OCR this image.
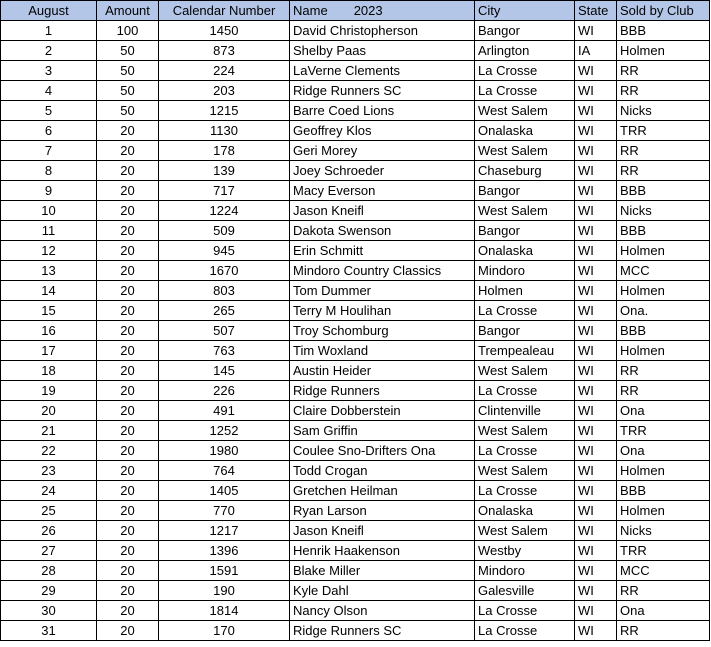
August	Amount	Calendar Number	Name 2023	City	State	Sold by Club
1	100	1450	David Christopherson	Bangor	WI	BBB
2	50	873	Shelby Paas	Arlington	IA	Holmen
3	50	224	LaVerne Clements	La Crosse	WI	RR
4	50	203	Ridge Runners SC	La Crosse	WI	RR
5	50	1215	Barre Coed Lions	West Salem	WI	Nicks
6	20	1130	Geoffrey Klos	Onalaska	WI	TRR
7	20	178	Geri Morey	West Salem	WI	RR
8	20	139	Joey Schroeder	Chaseburg	WI	RR
9	20	717	Macy Everson	Bangor	WI	BBB
10	20	1224	Jason Kneifl	West Salem	WI	Nicks
11	20	509	Dakota Swenson	Bangor	WI	BBB
12	20	945	Erin Schmitt	Onalaska	WI	Holmen
13	20	1670	Mindoro Country Classics	Mindoro	WI	MCC
14	20	803	Tom Dummer	Holmen	WI	Holmen
15	20	265	Terry M Houlihan	La Crosse	WI	Ona.
16	20	507	Troy Schomburg	Bangor	WI	BBB
17	20	763	Tim Woxland	Trempealeau	WI	Holmen
18	20	145	Austin Heider	West Salem	WI	RR
19	20	226	Ridge Runners	La Crosse	WI	RR
20	20	491	Claire Dobberstein	Clintenville	WI	Ona
21	20	1252	Sam Griffin	West Salem	WI	TRR
22	20	1980	Coulee Sno-Drifters Ona	La Crosse	WI	Ona
23	20	764	Todd Crogan	West Salem	WI	Holmen
24	20	1405	Gretchen Heilman	La Crosse	WI	BBB
25	20	770	Ryan Larson	Onalaska	WI	Holmen
26	20	1217	Jason Kneifl	West Salem	WI	Nicks
27	20	1396	Henrik Haakenson	Westby	WI	TRR
28	20	1591	Blake Miller	Mindoro	WI	MCC
29	20	190	Kyle Dahl	Galesville	WI	RR
30	20	1814	Nancy Olson	La Crosse	WI	Ona
31	20	170	Ridge Runners SC	La Crosse	WI	RR
